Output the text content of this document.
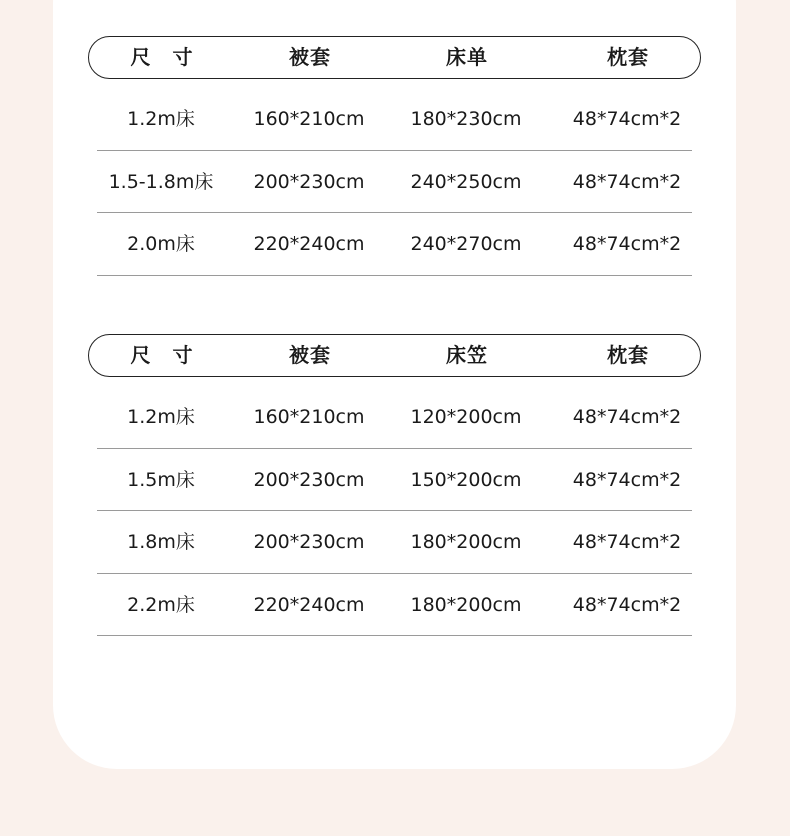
尺　寸	被套	床单	枕套
1.2m床	160*210cm	180*230cm	48*74cm*2
1.5-1.8m床	200*230cm	240*250cm	48*74cm*2
2.0m床	220*240cm	240*270cm	48*74cm*2
尺　寸	被套	床笠	枕套
1.2m床	160*210cm	120*200cm	48*74cm*2
1.5m床	200*230cm	150*200cm	48*74cm*2
1.8m床	200*230cm	180*200cm	48*74cm*2
2.2m床	220*240cm	180*200cm	48*74cm*2
